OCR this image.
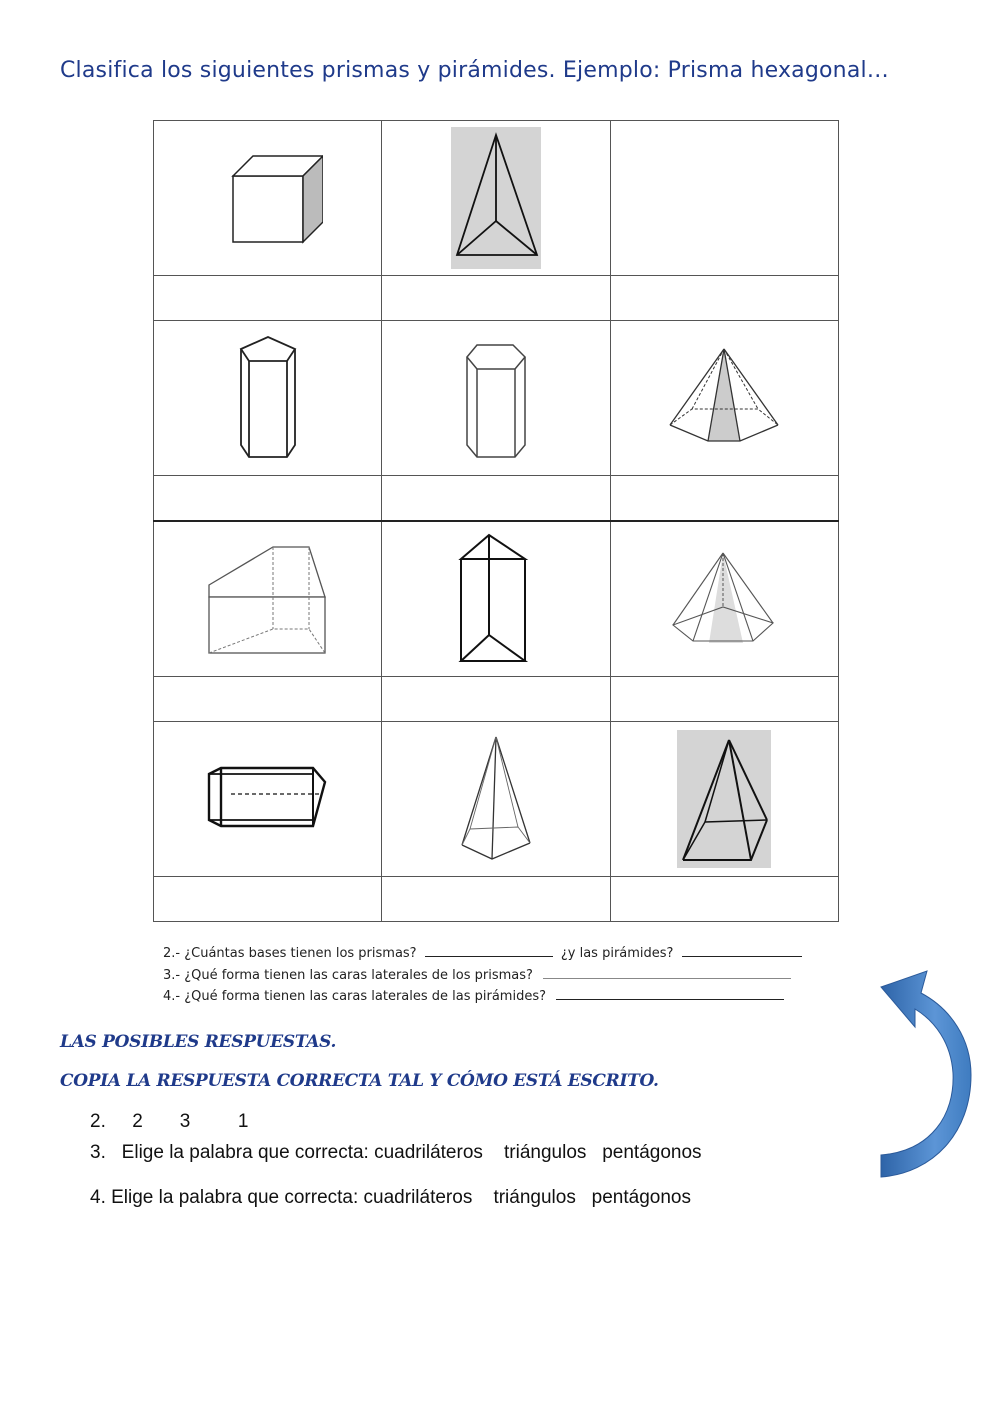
Clasifica los siguientes prismas y pirámides. Ejemplo: Prisma hexagonal…

2.- ¿Cuántas bases tienen los prismas?	¿y las pirámides?
3.- ¿Qué forma tienen las caras laterales de los prismas?
4.- ¿Qué forma tienen las caras laterales de las pirámides?
LAS POSIBLES RESPUESTAS.
COPIA LA RESPUESTA CORRECTA TAL Y CÓMO ESTÁ ESCRITO.
2.     2       3         1
3.   Elige la palabra que correcta: cuadriláteros    triángulos   pentágonos
4. Elige la palabra que correcta: cuadriláteros    triángulos   pentágonos
